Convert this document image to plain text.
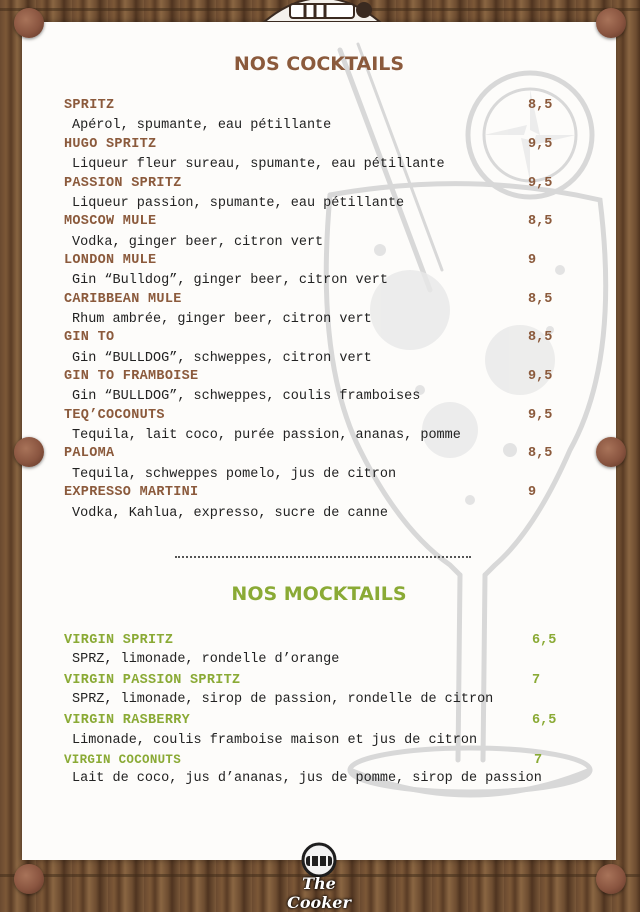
NOS COCKTAILS
SPRITZ	8,5
Apérol, spumante, eau pétillante
HUGO SPRITZ	9,5
Liqueur fleur sureau, spumante, eau pétillante
PASSION SPRITZ	9,5
Liqueur passion, spumante, eau pétillante
MOSCOW MULE	8,5
Vodka, ginger beer, citron vert
LONDON MULE	9
Gin “Bulldog”, ginger beer, citron vert
CARIBBEAN MULE	8,5
Rhum ambrée, ginger beer, citron vert
GIN TO	8,5
Gin “BULLDOG”, schweppes, citron vert
GIN TO FRAMBOISE	9,5
Gin “BULLDOG”, schweppes, coulis framboises
TEQ’COCONUTS	9,5
Tequila, lait coco, purée passion, ananas, pomme
PALOMA	8,5
Tequila, schweppes pomelo, jus de citron
EXPRESSO MARTINI	9
Vodka, Kahlua, expresso, sucre de canne
NOS MOCKTAILS
VIRGIN SPRITZ	6,5
SPRZ, limonade, rondelle d’orange
VIRGIN PASSION SPRITZ	7
SPRZ, limonade, sirop de passion, rondelle de citron
VIRGIN RASBERRY	6,5
Limonade, coulis framboise maison et jus de citron
VIRGIN COCONUTS	7
Lait de coco, jus d’ananas, jus de pomme, sirop de passion
The Cooker
